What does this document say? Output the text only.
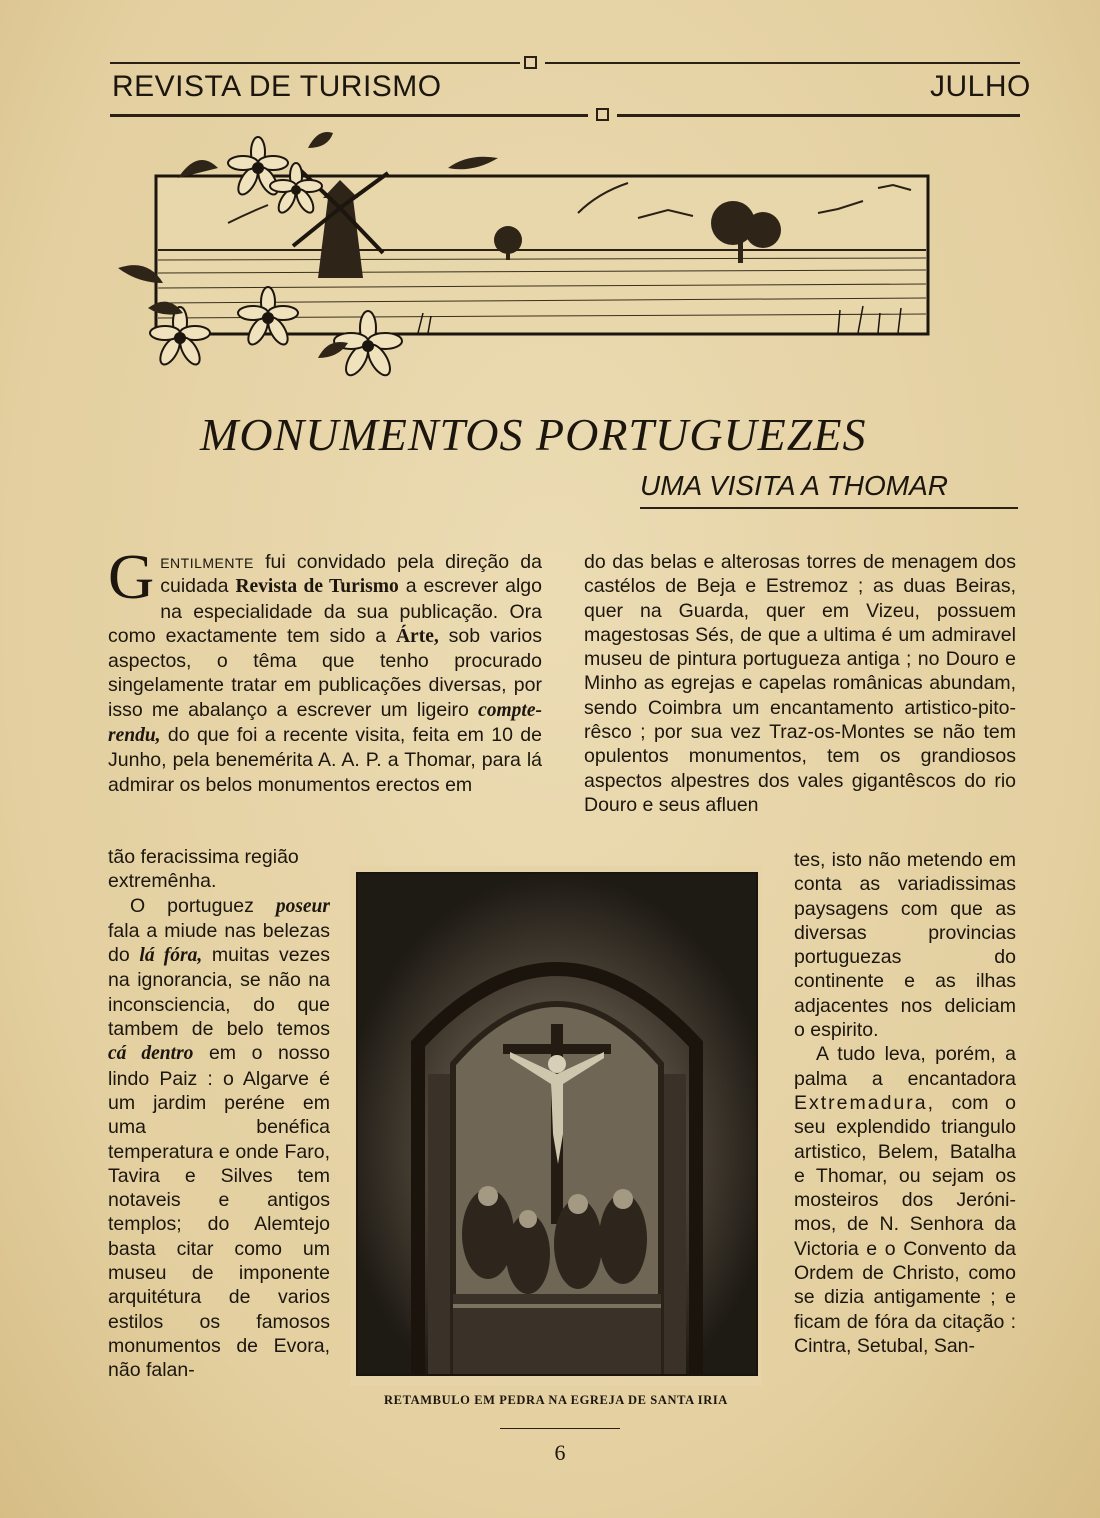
REVISTA DE TURISMO	JULHO
MONUMENTOS PORTUGUEZES
UMA VISITA A THOMAR

Gentilmente fui convidado pela direção da cuidada Revista de Turismo a escrever algo na especialidade da sua publicação. Ora como exactamente tem sido a Árte, sob varios aspectos, o têma que tenho procurado singelamente tratar em publicações diversas, por isso me abalanço a escrever um ligeiro compte-rendu, do que foi a recente visita, feita em 10 de Junho, pela benemérita A. A. P. a Thomar, para lá admirar os belos monumentos erectos em

tão feracissima região extremênha.

O portuguez poseur fala a miude nas belezas do lá fóra, muitas vezes na ignorancia, se não na inconsciencia, do que tambem de belo temos cá dentro em o nosso lindo Paiz : o Algarve é um jardim peréne em uma benéfica temperatura e onde Faro, Tavira e Silves tem notaveis e antigos templos; do Alemtejo basta citar como um museu de imponente arquitétura de varios estilos os famosos monumentos de Evora, não falan-

do das belas e alterosas torres de menagem dos castélos de Beja e Estremoz ; as duas Beiras, quer na Guarda, quer em Vizeu, possuem magestosas Sés, de que a ultima é um admiravel museu de pintura portugueza antiga ; no Douro e Minho as egrejas e capelas românicas abundam, sendo Coimbra um encantamento artistico-pitorêsco ; por sua vez Traz-os-Montes se não tem opulentos monumentos, tem os grandiosos aspectos alpestres dos vales gigantêscos do rio Douro e seus afluen

tes, isto não metendo em conta as variadissimas paysagens com que as diversas provincias portuguezas do continente e as ilhas adjacentes nos deliciam o espirito.

A tudo leva, porém, a palma a encantadora Extremadura, com o seu explendido triangulo artistico, Belem, Batalha e Thomar, ou sejam os mosteiros dos Jerónimos, de N. Senhora da Victoria e o Convento da Ordem de Christo, como se dizia antigamente ; e ficam de fóra da citação : Cintra, Setubal, San-

RETAMBULO EM PEDRA NA EGREJA DE SANTA IRIA
6
